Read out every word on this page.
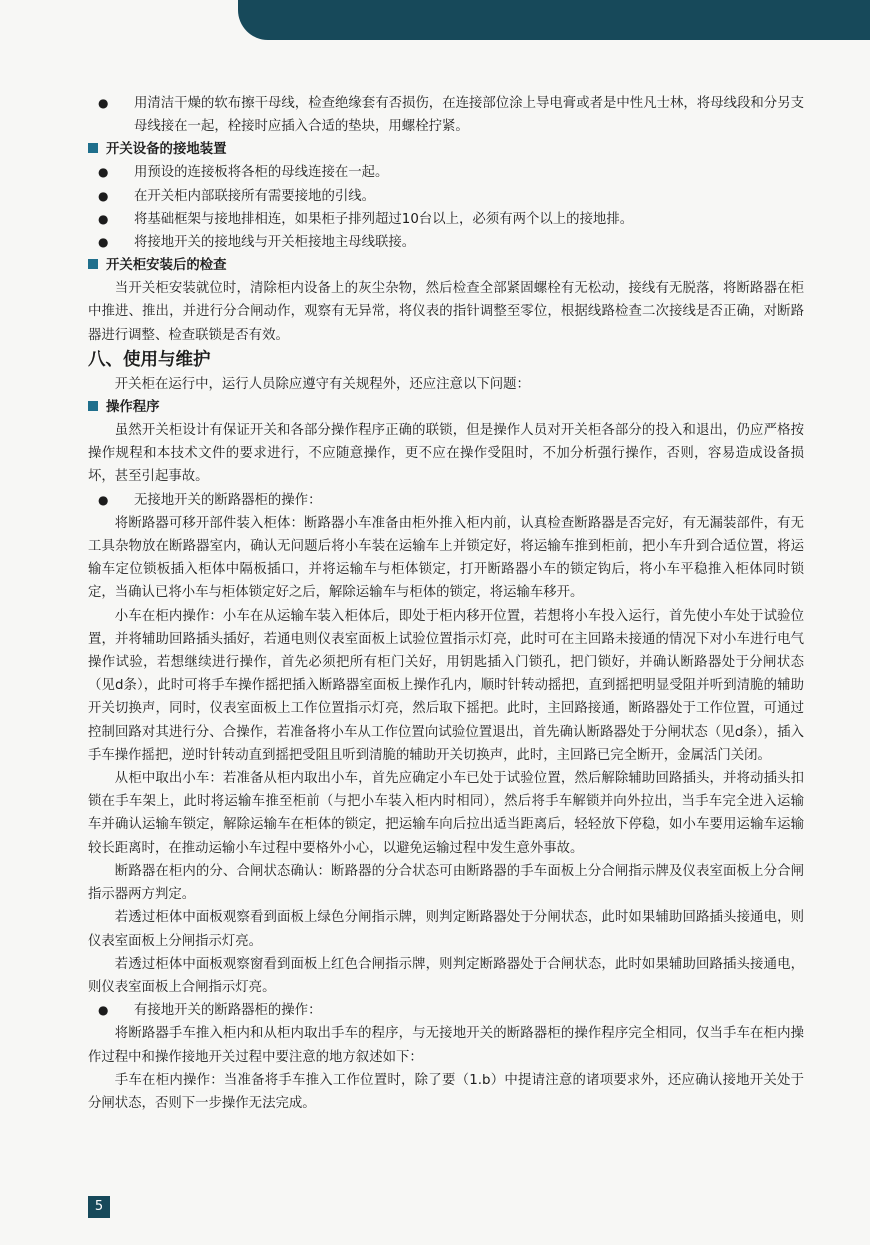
● 用清洁干燥的软布擦干母线，检查绝缘套有否损伤，在连接部位涂上导电膏或者是中性凡士林，将母线段和分另支母线接在一起，栓接时应插入合适的垫块，用螺栓拧紧。

开关设备的接地装置

● 用预设的连接板将各柜的母线连接在一起。

● 在开关柜内部联接所有需要接地的引线。

● 将基础框架与接地排相连，如果柜子排列超过10台以上，必须有两个以上的接地排。

● 将接地开关的接地线与开关柜接地主母线联接。

开关柜安装后的检查

当开关柜安装就位时，清除柜内设备上的灰尘杂物，然后检查全部紧固螺栓有无松动，接线有无脱落，将断路器在柜中推进、推出，并进行分合闸动作，观察有无异常，将仪表的指针调整至零位，根据线路检查二次接线是否正确，对断路器进行调整、检查联锁是否有效。

八、使用与维护

开关柜在运行中，运行人员除应遵守有关规程外，还应注意以下问题：

操作程序

虽然开关柜设计有保证开关和各部分操作程序正确的联锁，但是操作人员对开关柜各部分的投入和退出，仍应严格按操作规程和本技术文件的要求进行，不应随意操作，更不应在操作受阻时，不加分析强行操作，否则，容易造成设备损坏，甚至引起事故。

● 无接地开关的断路器柜的操作：

将断路器可移开部件装入柜体：断路器小车准备由柜外推入柜内前，认真检查断路器是否完好，有无漏装部件，有无工具杂物放在断路器室内，确认无问题后将小车装在运输车上并锁定好，将运输车推到柜前，把小车升到合适位置，将运输车定位锁板插入柜体中隔板插口，并将运输车与柜体锁定，打开断路器小车的锁定钩后，将小车平稳推入柜体同时锁定，当确认已将小车与柜体锁定好之后，解除运输车与柜体的锁定，将运输车移开。

小车在柜内操作：小车在从运输车装入柜体后，即处于柜内移开位置，若想将小车投入运行，首先使小车处于试验位置，并将辅助回路插头插好，若通电则仪表室面板上试验位置指示灯亮，此时可在主回路未接通的情况下对小车进行电气操作试验，若想继续进行操作，首先必须把所有柜门关好，用钥匙插入门锁孔，把门锁好，并确认断路器处于分闸状态（见d条），此时可将手车操作摇把插入断路器室面板上操作孔内，顺时针转动摇把，直到摇把明显受阻并听到清脆的辅助开关切换声，同时，仪表室面板上工作位置指示灯亮，然后取下摇把。此时，主回路接通，断路器处于工作位置，可通过控制回路对其进行分、合操作，若准备将小车从工作位置向试验位置退出，首先确认断路器处于分闸状态（见d条），插入手车操作摇把，逆时针转动直到摇把受阻且听到清脆的辅助开关切换声，此时，主回路已完全断开，金属活门关闭。

从柜中取出小车：若准备从柜内取出小车，首先应确定小车已处于试验位置，然后解除辅助回路插头，并将动插头扣锁在手车架上，此时将运输车推至柜前（与把小车装入柜内时相同），然后将手车解锁并向外拉出，当手车完全进入运输车并确认运输车锁定，解除运输车在柜体的锁定，把运输车向后拉出适当距离后，轻轻放下停稳，如小车要用运输车运输较长距离时，在推动运输小车过程中要格外小心，以避免运输过程中发生意外事故。

断路器在柜内的分、合闸状态确认：断路器的分合状态可由断路器的手车面板上分合闸指示牌及仪表室面板上分合闸指示器两方判定。

若透过柜体中面板观察看到面板上绿色分闸指示牌，则判定断路器处于分闸状态，此时如果辅助回路插头接通电，则仪表室面板上分闸指示灯亮。

若透过柜体中面板观察窗看到面板上红色合闸指示牌，则判定断路器处于合闸状态，此时如果辅助回路插头接通电，则仪表室面板上合闸指示灯亮。

● 有接地开关的断路器柜的操作：

将断路器手车推入柜内和从柜内取出手车的程序，与无接地开关的断路器柜的操作程序完全相同，仅当手车在柜内操作过程中和操作接地开关过程中要注意的地方叙述如下：

手车在柜内操作：当准备将手车推入工作位置时，除了要（1.b）中提请注意的诸项要求外，还应确认接地开关处于分闸状态，否则下一步操作无法完成。

5
